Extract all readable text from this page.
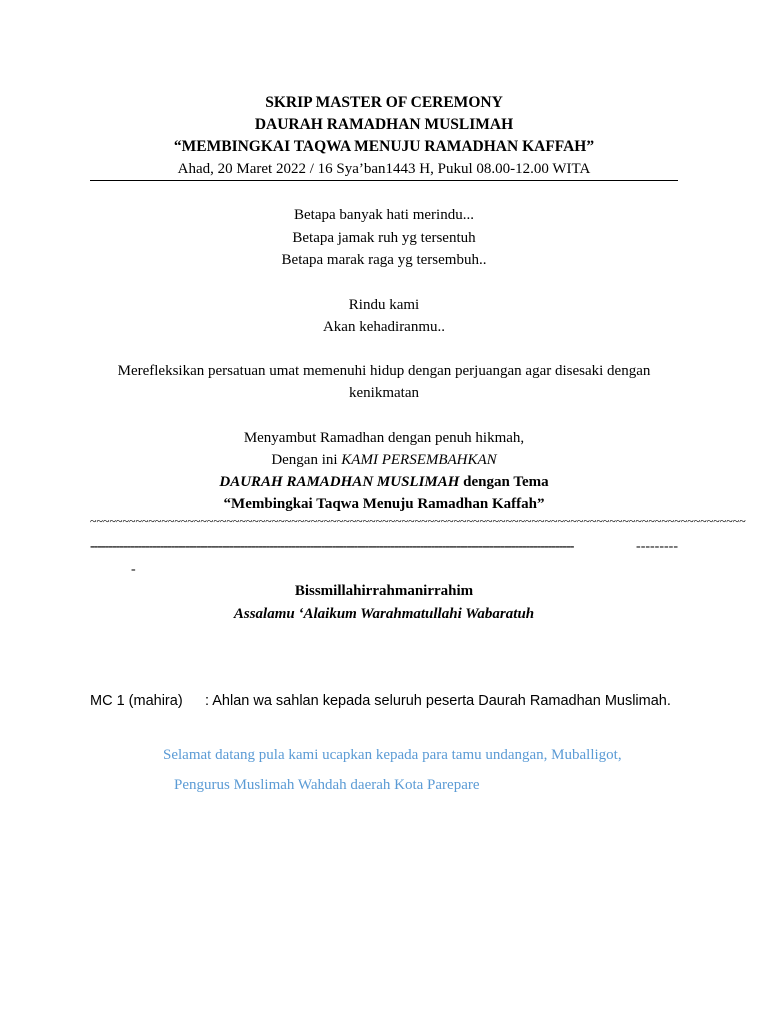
SKRIP MASTER OF CEREMONY
DAURAH RAMADHAN MUSLIMAH
“MEMBINGKAI TAQWA MENUJU RAMADHAN KAFFAH”
Ahad, 20 Maret 2022 / 16 Sya’ban1443 H, Pukul 08.00-12.00 WITA
Betapa banyak hati merindu...
Betapa jamak ruh yg tersentuh
Betapa marak raga yg tersembuh..
Rindu kami
Akan kehadiranmu..
Merefleksikan persatuan umat memenuhi hidup dengan perjuangan agar disesaki dengan
kenikmatan
Menyambut Ramadhan dengan penuh hikmah,
Dengan ini KAMI PERSEMBAHKAN
DAURAH RAMADHAN MUSLIMAH dengan Tema
“Membingkai Taqwa Menuju Ramadhan Kaffah”
~~~~~~~~~~~~~~~~~~~~~~~~~~~~~~~~~~~~~~~~~~~~~~~~~~~~~~~~~~~~~~~~~~~~~~~~~~~~~~~~~~~~~~~~~~~~~~~~~~~~~
------------------------------------------------------------------------------------------------------------------------------------	---------
-
Bissmillahirrahmanirrahim
Assalamu ‘Alaikum Warahmatullahi Wabaratuh
MC 1 (mahira) : Ahlan wa sahlan kepada seluruh peserta Daurah Ramadhan Muslimah.
Selamat datang pula kami ucapkan kepada para tamu undangan, Muballigot,
Pengurus Muslimah Wahdah daerah Kota Parepare
